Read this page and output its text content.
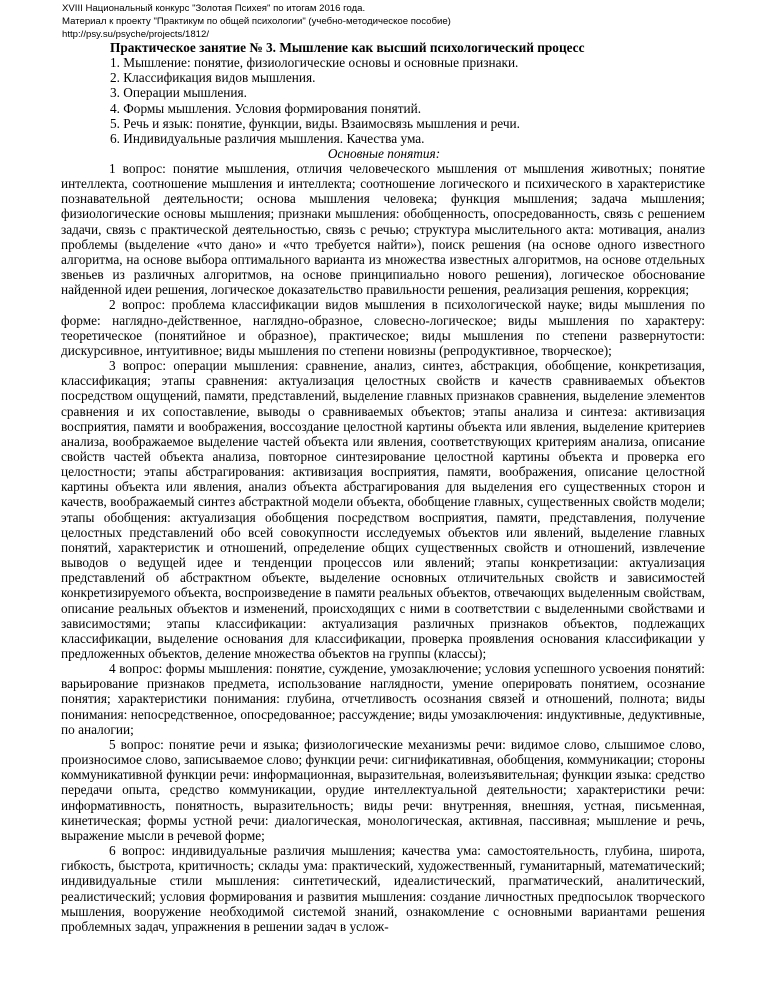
XVIII Национальный конкурс "Золотая Психея" по итогам 2016 года.
Материал к проекту "Практикум по общей психологии" (учебно-методическое пособие)
http://psy.su/psyche/projects/1812/
Практическое занятие № 3. Мышление как высший психологический процесс
1. Мышление: понятие, физиологические основы и основные признаки.
2. Классификация видов мышления.
3. Операции мышления.
4. Формы мышления. Условия формирования понятий.
5. Речь и язык: понятие, функции, виды. Взаимосвязь мышления и речи.
6. Индивидуальные различия мышления. Качества ума.
Основные понятия:

1 вопрос: понятие мышления, отличия человеческого мышления от мышления животных; понятие интеллекта, соотношение мышления и интеллекта; соотношение логического и психического в характеристике познавательной деятельности; основа мышления человека; функция мышления; задача мышления; физиологические основы мышления; признаки мышления: обобщенность, опосредованность, связь с решением задачи, связь с практической деятельностью, связь с речью; структура мыслительного акта: мотивация, анализ проблемы (выделение «что дано» и «что требуется найти»), поиск решения (на основе одного известного алгоритма, на основе выбора оптимального варианта из множества известных алгоритмов, на основе отдельных звеньев из различных алгоритмов, на основе принципиально нового решения), логическое обоснование найденной идеи решения, логическое доказательство правильности решения, реализация решения, коррекция;

2 вопрос: проблема классификации видов мышления в психологической науке; виды мышления по форме: наглядно-действенное, наглядно-образное, словесно-логическое; виды мышления по характеру: теоретическое (понятийное и образное), практическое; виды мышления по степени развернутости: дискурсивное, интуитивное; виды мышления по степени новизны (репродуктивное, творческое);

3 вопрос: операции мышления: сравнение, анализ, синтез, абстракция, обобщение, конкретизация, классификация; этапы сравнения: актуализация целостных свойств и качеств сравниваемых объектов посредством ощущений, памяти, представлений, выделение главных признаков сравнения, выделение элементов сравнения и их сопоставление, выводы о сравниваемых объектов; этапы анализа и синтеза: активизация восприятия, памяти и воображения, воссоздание целостной картины объекта или явления, выделение критериев анализа, воображаемое выделение частей объекта или явления, соответствующих критериям анализа, описание свойств частей объекта анализа, повторное синтезирование целостной картины объекта и проверка его целостности; этапы абстрагирования: активизация восприятия, памяти, воображения, описание целостной картины объекта или явления, анализ объекта абстрагирования для выделения его существенных сторон и качеств, воображаемый синтез абстрактной модели объекта, обобщение главных, существенных свойств модели; этапы обобщения: актуализация обобщения посредством восприятия, памяти, представления, получение целостных представлений обо всей совокупности исследуемых объектов или явлений, выделение главных понятий, характеристик и отношений, определение общих существенных свойств и отношений, извлечение выводов о ведущей идее и тенденции процессов или явлений; этапы конкретизации: актуализация представлений об абстрактном объекте, выделение основных отличительных свойств и зависимостей конкретизируемого объекта, воспроизведение в памяти реальных объектов, отвечающих выделенным свойствам, описание реальных объектов и изменений, происходящих с ними в соответствии с выделенными свойствами и зависимостями; этапы классификации: актуализация различных признаков объектов, подлежащих классификации, выделение основания для классификации, проверка проявления основания классификации у предложенных объектов, деление множества объектов на группы (классы);

4 вопрос: формы мышления: понятие, суждение, умозаключение; условия успешного усвоения понятий: варьирование признаков предмета, использование наглядности, умение оперировать понятием, осознание понятия; характеристики понимания: глубина, отчетливость осознания связей и отношений, полнота; виды понимания: непосредственное, опосредованное; рассуждение; виды умозаключения: индуктивные, дедуктивные, по аналогии;

5 вопрос: понятие речи и языка; физиологические механизмы речи: видимое слово, слышимое слово, произносимое слово, записываемое слово; функции речи: сигнификативная, обобщения, коммуникации; стороны коммуникативной функции речи: информационная, выразительная, волеизъявительная; функции языка: средство передачи опыта, средство коммуникации, орудие интеллектуальной деятельности; характеристики речи: информативность, понятность, выразительность; виды речи: внутренняя, внешняя, устная, письменная, кинетическая; формы устной речи: диалогическая, монологическая, активная, пассивная; мышление и речь, выражение мысли в речевой форме;

6 вопрос: индивидуальные различия мышления; качества ума: самостоятельность, глубина, широта, гибкость, быстрота, критичность; склады ума: практический, художественный, гуманитарный, математический; индивидуальные стили мышления: синтетический, идеалистический, прагматический, аналитический, реалистический; условия формирования и развития мышления: создание личностных предпосылок творческого мышления, вооружение необходимой системой знаний, ознакомление с основными вариантами решения проблемных задач, упражнения в решении задач в услож-
